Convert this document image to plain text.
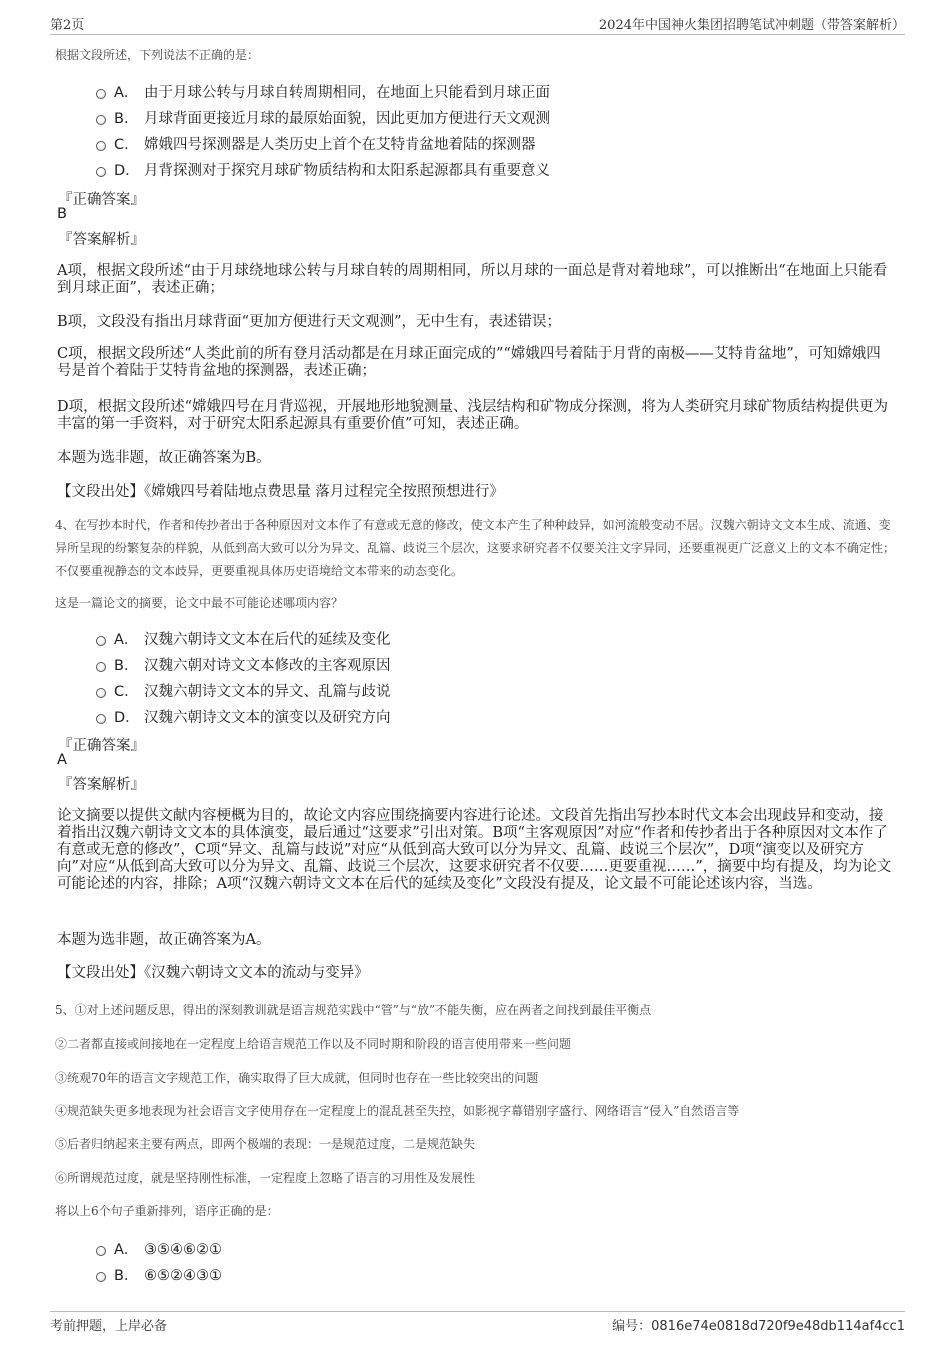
第2页	2024年中国神火集团招聘笔试冲刺题（带答案解析）
根据文段所述，下列说法不正确的是：
A． 由于月球公转与月球自转周期相同，在地面上只能看到月球正面
B． 月球背面更接近月球的最原始面貌，因此更加方便进行天文观测
C． 嫦娥四号探测器是人类历史上首个在艾特肯盆地着陆的探测器
D． 月背探测对于探究月球矿物质结构和太阳系起源都具有重要意义
『正确答案』
B
『答案解析』
A项，根据文段所述“由于月球绕地球公转与月球自转的周期相同，所以月球的一面总是背对着地球”，可以推断出“在地面上只能看到月球正面”，表述正确；
B项，文段没有指出月球背面“更加方便进行天文观测”，无中生有，表述错误；
C项，根据文段所述“人类此前的所有登月活动都是在月球正面完成的”“嫦娥四号着陆于月背的南极——艾特肯盆地”，可知嫦娥四号是首个着陆于艾特肯盆地的探测器，表述正确；
D项，根据文段所述“嫦娥四号在月背巡视，开展地形地貌测量、浅层结构和矿物成分探测，将为人类研究月球矿物质结构提供更为丰富的第一手资料，对于研究太阳系起源具有重要价值”可知，表述正确。
本题为选非题，故正确答案为B。
【文段出处】《嫦娥四号着陆地点费思量 落月过程完全按照预想进行》
4、在写抄本时代，作者和传抄者出于各种原因对文本作了有意或无意的修改，使文本产生了种种歧异，如河流般变动不居。汉魏六朝诗文文本生成、流通、变异所呈现的纷繁复杂的样貌，从低到高大致可以分为异文、乱篇、歧说三个层次，这要求研究者不仅要关注文字异同，还要重视更广泛意义上的文本不确定性；不仅要重视静态的文本歧异，更要重视具体历史语境给文本带来的动态变化。
这是一篇论文的摘要，论文中最不可能论述哪项内容？
A． 汉魏六朝诗文文本在后代的延续及变化
B． 汉魏六朝对诗文文本修改的主客观原因
C． 汉魏六朝诗文文本的异文、乱篇与歧说
D． 汉魏六朝诗文文本的演变以及研究方向
『正确答案』
A
『答案解析』
论文摘要以提供文献内容梗概为目的，故论文内容应围绕摘要内容进行论述。文段首先指出写抄本时代文本会出现歧异和变动，接着指出汉魏六朝诗文文本的具体演变，最后通过“这要求”引出对策。B项“主客观原因”对应“作者和传抄者出于各种原因对文本作了有意或无意的修改”，C项“异文、乱篇与歧说”对应“从低到高大致可以分为异文、乱篇、歧说三个层次”，D项“演变以及研究方向”对应“从低到高大致可以分为异文、乱篇、歧说三个层次，这要求研究者不仅要……更要重视……”，摘要中均有提及，均为论文可能论述的内容，排除；A项“汉魏六朝诗文文本在后代的延续及变化”文段没有提及，论文最不可能论述该内容，当选。
本题为选非题，故正确答案为A。
【文段出处】《汉魏六朝诗文文本的流动与变异》
5、①对上述问题反思，得出的深刻教训就是语言规范实践中“管”与“放”不能失衡，应在两者之间找到最佳平衡点
②二者都直接或间接地在一定程度上给语言规范工作以及不同时期和阶段的语言使用带来一些问题
③统观70年的语言文字规范工作，确实取得了巨大成就，但同时也存在一些比较突出的问题
④规范缺失更多地表现为社会语言文字使用存在一定程度上的混乱甚至失控，如影视字幕错别字盛行、网络语言“侵入”自然语言等
⑤后者归纳起来主要有两点，即两个极端的表现：一是规范过度，二是规范缺失
⑥所谓规范过度，就是坚持刚性标准，一定程度上忽略了语言的习用性及发展性
将以上6个句子重新排列，语序正确的是：
A． ③⑤④⑥②①
B． ⑥⑤②④③①
考前押题，上岸必备	编号：0816e74e0818d720f9e48db114af4cc1
